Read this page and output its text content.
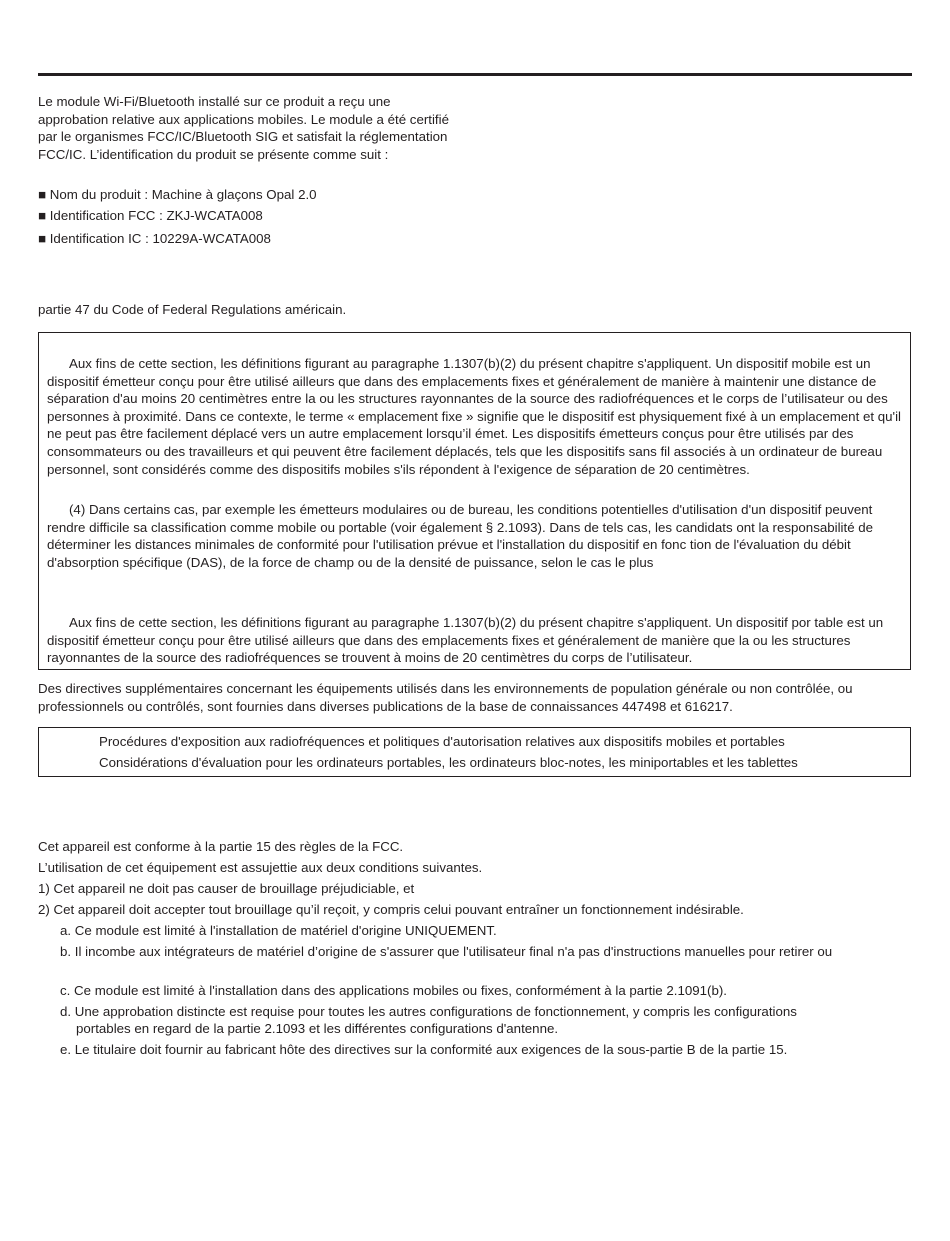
Le module Wi-Fi/Bluetooth installé sur ce produit a reçu une approbation relative aux applications mobiles. Le module a été certifié par le organismes FCC/IC/Bluetooth SIG et satisfait la réglementation FCC/IC. L’identification du produit se présente comme suit :
■ Nom du produit : Machine à glaçons Opal 2.0
■ Identification FCC : ZKJ-WCATA008
■ Identification IC : 10229A-WCATA008
partie 47 du Code of Federal Regulations américain.

Aux fins de cette section, les définitions figurant au paragraphe 1.1307(b)(2) du présent chapitre s'appliquent. Un dispositif mobile est un dispositif émetteur conçu pour être utilisé ailleurs que dans des emplacements fixes et généralement de manière à maintenir une distance de séparation d'au moins 20 centimètres entre la ou les structures rayonnantes de la source des radiofréquences et le corps de l’utilisateur ou des personnes à proximité. Dans ce contexte, le terme « emplacement fixe » signifie que le dispositif est physiquement fixé à un emplacement et qu'il ne peut pas être facilement déplacé vers un autre emplacement lorsqu’il émet. Les dispositifs émetteurs conçus pour être utilisés par des consommateurs ou des travailleurs et qui peuvent être facilement déplacés, tels que les dispositifs sans fil associés à un ordinateur de bureau personnel, sont considérés comme des dispositifs mobiles s'ils répondent à l'exigence de séparation de 20 centimètres.

(4) Dans certains cas, par exemple les émetteurs modulaires ou de bureau, les conditions potentielles d'utilisation d'un dispositif peuvent rendre difficile sa classification comme mobile ou portable (voir également § 2.1093). Dans de tels cas, les candidats ont la responsabilité de déterminer les distances minimales de conformité pour l'utilisation prévue et l'installation du dispositif en fonc tion de l'évaluation du débit d'absorption spécifique (DAS), de la force de champ ou de la densité de puissance, selon le cas le plus

Aux fins de cette section, les définitions figurant au paragraphe 1.1307(b)(2) du présent chapitre s'appliquent. Un dispositif por table est un dispositif émetteur conçu pour être utilisé ailleurs que dans des emplacements fixes et généralement de manière que la ou les structures rayonnantes de la source des radiofréquences se trouvent à moins de 20 centimètres du corps de l’utilisateur.

Des directives supplémentaires concernant les équipements utilisés dans les environnements de population générale ou non contrôlée, ou professionnels ou contrôlés, sont fournies dans diverses publications de la base de connaissances 447498 et 616217.
Procédures d'exposition aux radiofréquences et politiques d'autorisation relatives aux dispositifs mobiles et portables
Considérations d'évaluation pour les ordinateurs portables, les ordinateurs bloc-notes, les miniportables et les tablettes
Cet appareil est conforme à la partie 15 des règles de la FCC.
L’utilisation de cet équipement est assujettie aux deux conditions suivantes.
1) Cet appareil ne doit pas causer de brouillage préjudiciable, et
2) Cet appareil doit accepter tout brouillage qu’il reçoit, y compris celui pouvant entraîner un fonctionnement indésirable.
a. Ce module est limité à l'installation de matériel d'origine UNIQUEMENT.
b. Il incombe aux intégrateurs de matériel d’origine de s'assurer que l'utilisateur final n'a pas d'instructions manuelles pour retirer ou
c. Ce module est limité à l'installation dans des applications mobiles ou fixes, conformément à la partie 2.1091(b).
d. Une approbation distincte est requise pour toutes les autres configurations de fonctionnement, y compris les configurations
portables en regard de la partie 2.1093 et les différentes configurations d'antenne.
e. Le titulaire doit fournir au fabricant hôte des directives sur la conformité aux exigences de la sous-partie B de la partie 15.
